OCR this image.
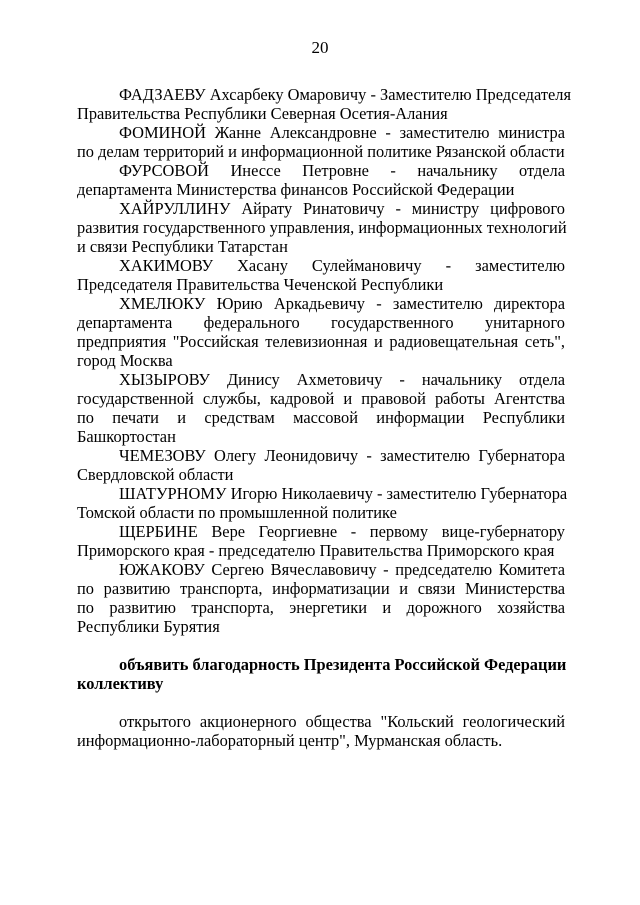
20
ФАДЗАЕВУ Ахсарбеку Омаровичу - Заместителю Председателя
Правительства Республики Северная Осетия-Алания
ФОМИНОЙ Жанне Александровне - заместителю министра
по делам территорий и информационной политике Рязанской области
ФУРСОВОЙ Инессе Петровне - начальнику отдела
департамента Министерства финансов Российской Федерации
ХАЙРУЛЛИНУ Айрату Ринатовичу - министру цифрового
развития государственного управления, информационных технологий
и связи Республики Татарстан
ХАКИМОВУ Хасану Сулеймановичу - заместителю
Председателя Правительства Чеченской Республики
ХМЕЛЮКУ Юрию Аркадьевичу - заместителю директора
департамента федерального государственного унитарного
предприятия "Российская телевизионная и радиовещательная сеть",
город Москва
ХЫЗЫРОВУ Динису Ахметовичу - начальнику отдела
государственной службы, кадровой и правовой работы Агентства
по печати и средствам массовой информации Республики
Башкортостан
ЧЕМЕЗОВУ Олегу Леонидовичу - заместителю Губернатора
Свердловской области
ШАТУРНОМУ Игорю Николаевичу - заместителю Губернатора
Томской области по промышленной политике
ЩЕРБИНЕ Вере Георгиевне - первому вице-губернатору
Приморского края - председателю Правительства Приморского края
ЮЖАКОВУ Сергею Вячеславовичу - председателю Комитета
по развитию транспорта, информатизации и связи Министерства
по развитию транспорта, энергетики и дорожного хозяйства
Республики Бурятия
объявить благодарность Президента Российской Федерации
коллективу
открытого акционерного общества "Кольский геологический
информационно-лабораторный центр", Мурманская область.
